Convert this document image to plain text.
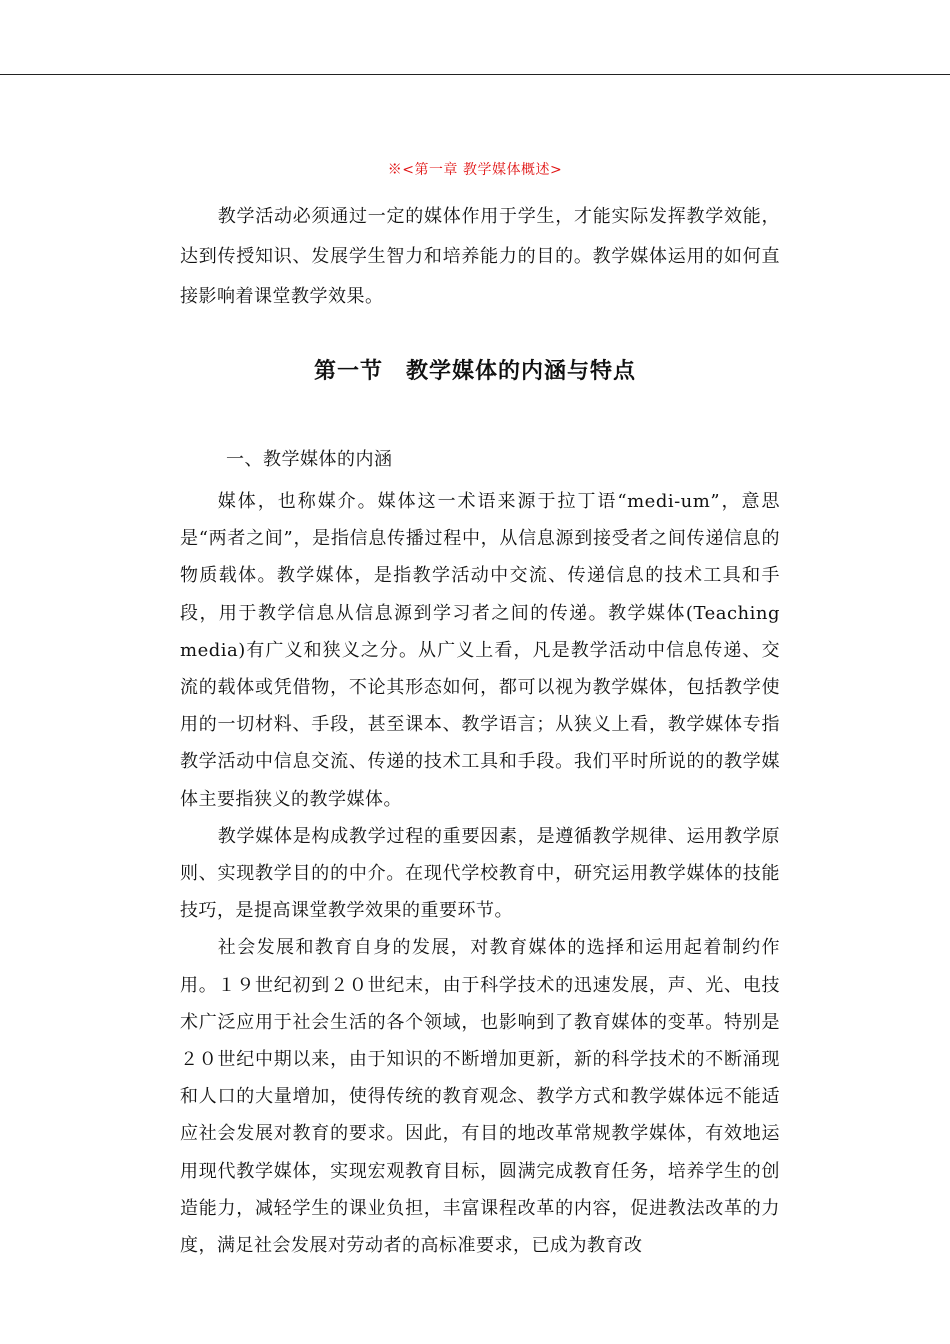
※<第一章 教学媒体概述>

教学活动必须通过一定的媒体作用于学生，才能实际发挥教学效能，达到传授知识、发展学生智力和培养能力的目的。教学媒体运用的如何直接影响着课堂教学效果。

第一节　教学媒体的内涵与特点
一、教学媒体的内涵

媒体，也称媒介。媒体这一术语来源于拉丁语“medi-um”，意思是“两者之间”，是指信息传播过程中，从信息源到接受者之间传递信息的物质载体。教学媒体，是指教学活动中交流、传递信息的技术工具和手段，用于教学信息从信息源到学习者之间的传递。教学媒体(Teaching media)有广义和狭义之分。从广义上看，凡是教学活动中信息传递、交流的载体或凭借物，不论其形态如何，都可以视为教学媒体，包括教学使用的一切材料、手段，甚至课本、教学语言；从狭义上看，教学媒体专指教学活动中信息交流、传递的技术工具和手段。我们平时所说的的教学媒体主要指狭义的教学媒体。

教学媒体是构成教学过程的重要因素，是遵循教学规律、运用教学原则、实现教学目的的中介。在现代学校教育中，研究运用教学媒体的技能技巧，是提高课堂教学效果的重要环节。

社会发展和教育自身的发展，对教育媒体的选择和运用起着制约作用。１９世纪初到２０世纪末，由于科学技术的迅速发展，声、光、电技术广泛应用于社会生活的各个领域，也影响到了教育媒体的变革。特别是２０世纪中期以来，由于知识的不断增加更新，新的科学技术的不断涌现和人口的大量增加，使得传统的教育观念、教学方式和教学媒体远不能适应社会发展对教育的要求。因此，有目的地改革常规教学媒体，有效地运用现代教学媒体，实现宏观教育目标，圆满完成教育任务，培养学生的创造能力，减轻学生的课业负担，丰富课程改革的内容，促进教法改革的力度，满足社会发展对劳动者的高标准要求，已成为教育改
